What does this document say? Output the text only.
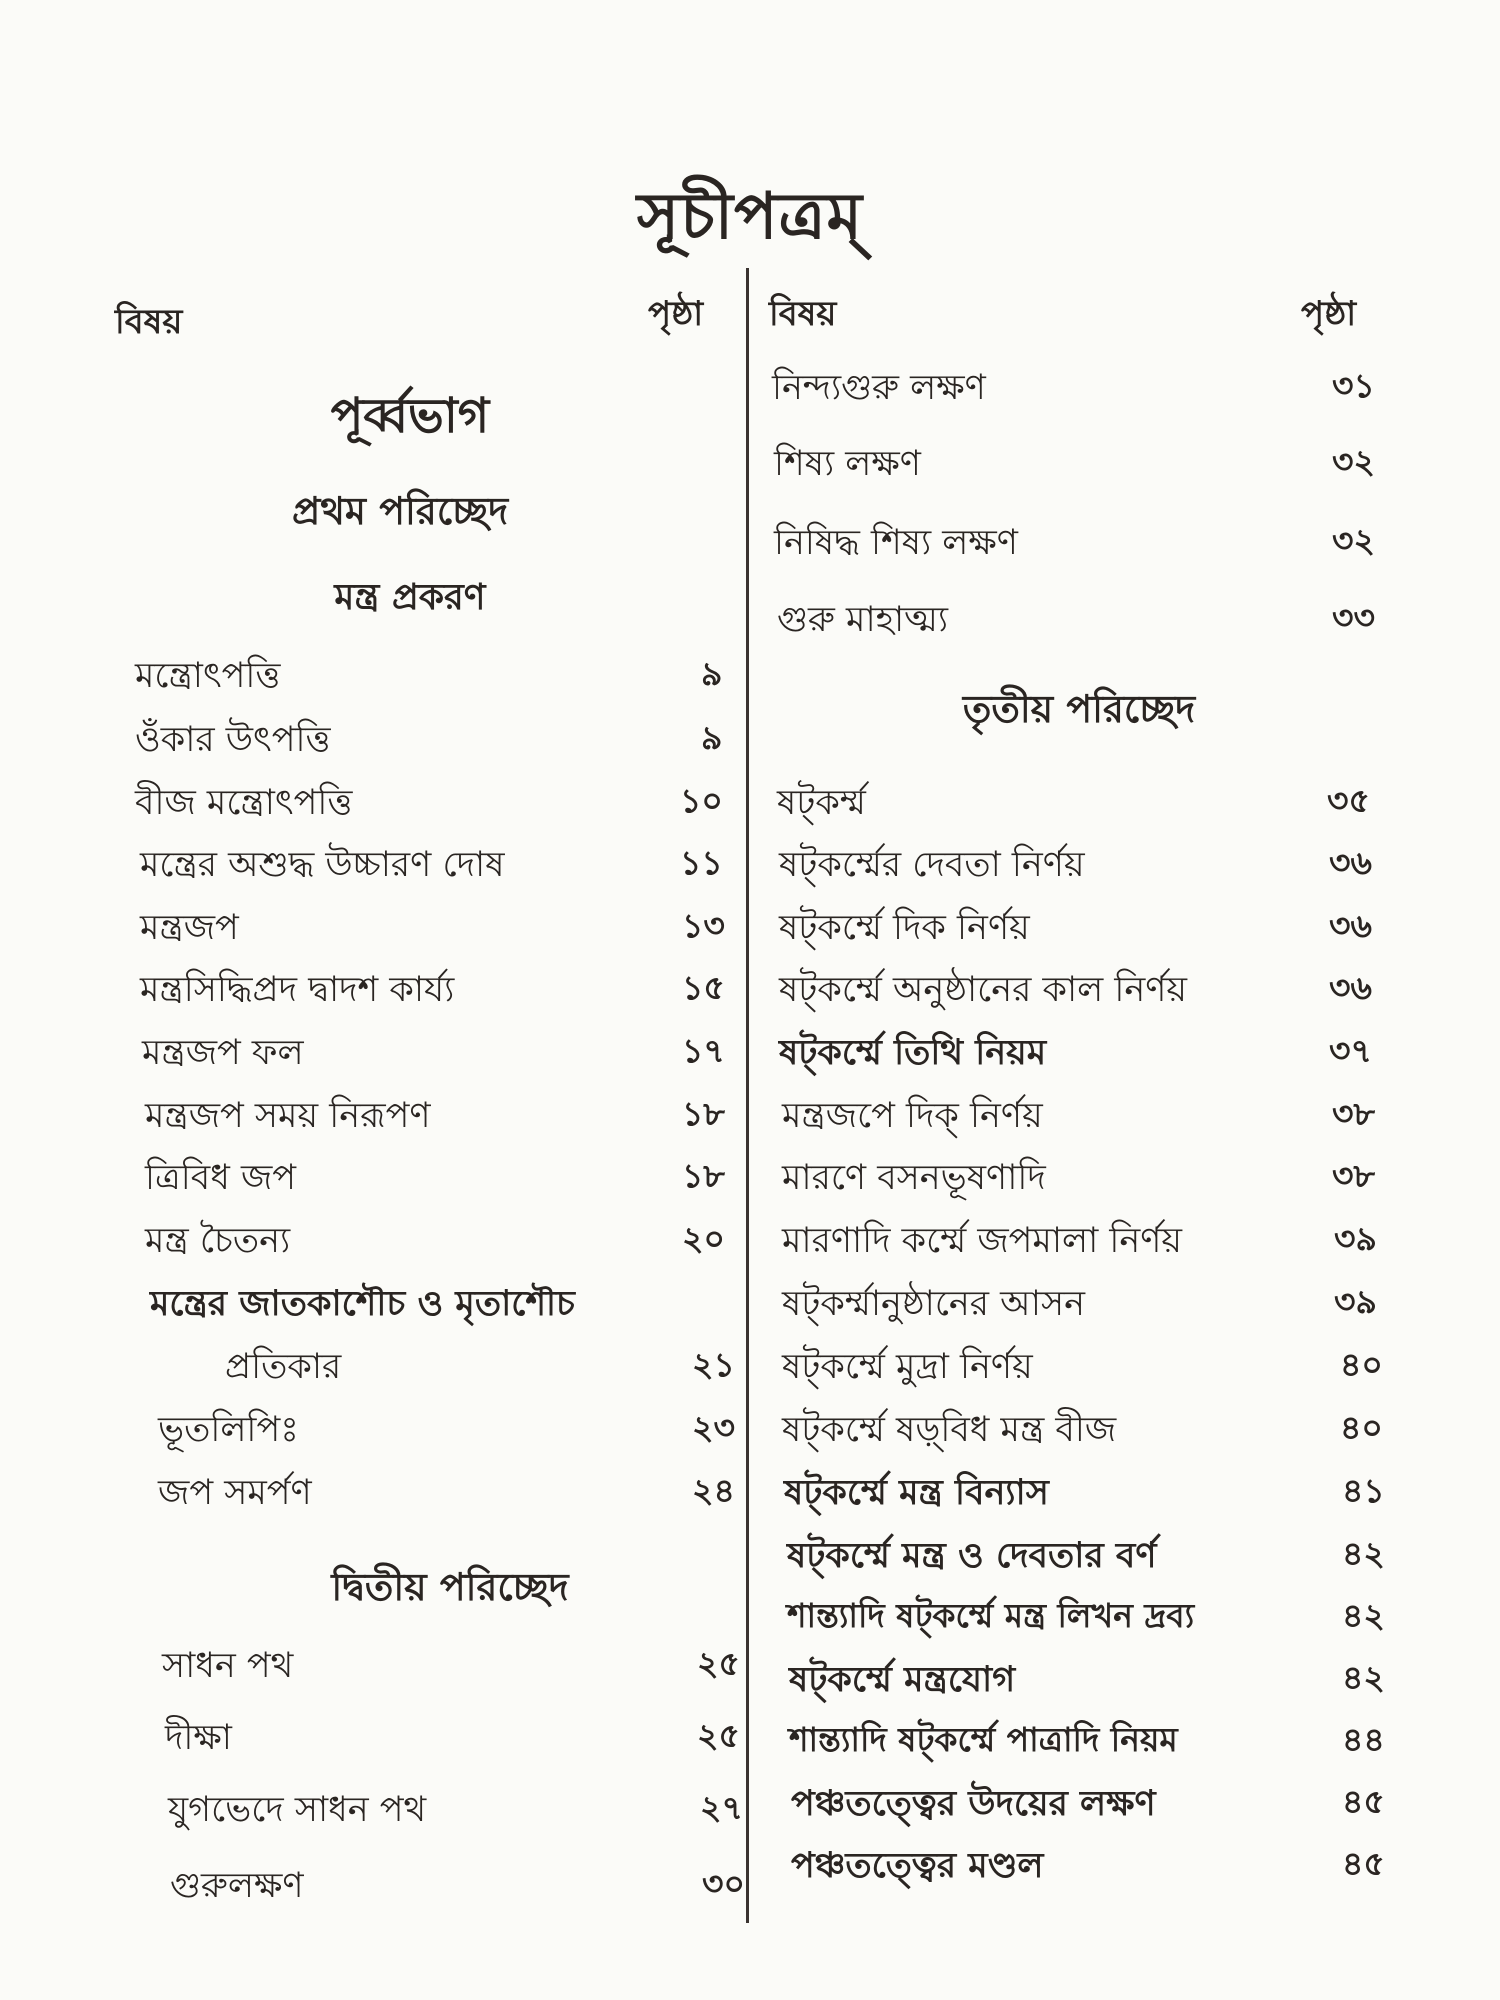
সূচীপত্রম্
বিষয়	পৃষ্ঠা
পূর্ব্বভাগ
প্রথম পরিচ্ছেদ
মন্ত্র প্রকরণ
মন্ত্রোৎপত্তি	৯
ওঁকার উৎপত্তি	৯
বীজ মন্ত্রোৎপত্তি	১০
মন্ত্রের অশুদ্ধ উচ্চারণ দোষ	১১
মন্ত্রজপ	১৩
মন্ত্রসিদ্ধিপ্রদ দ্বাদশ কার্য্য	১৫
মন্ত্রজপ ফল	১৭
মন্ত্রজপ সময় নিরূপণ	১৮
ত্রিবিধ জপ	১৮
মন্ত্র চৈতন্য	২০
মন্ত্রের জাতকাশৌচ ও মৃতাশৌচ
প্রতিকার	২১
ভূতলিপিঃ	২৩
জপ সমর্পণ	২৪
দ্বিতীয় পরিচ্ছেদ
সাধন পথ	২৫
দীক্ষা	২৫
যুগভেদে সাধন পথ	২৭
গুরুলক্ষণ	৩০
বিষয়	পৃষ্ঠা
নিন্দ্যগুরু লক্ষণ	৩১
শিষ্য লক্ষণ	৩২
নিষিদ্ধ শিষ্য লক্ষণ	৩২
গুরু মাহাত্ম্য	৩৩
তৃতীয় পরিচ্ছেদ
ষট্‌কর্ম্ম	৩৫
ষট্‌কর্ম্মের দেবতা নির্ণয়	৩৬
ষট্‌কর্ম্মে দিক নির্ণয়	৩৬
ষট্‌কর্ম্মে অনুষ্ঠানের কাল নির্ণয়	৩৬
ষট্‌কর্ম্মে তিথি নিয়ম	৩৭
মন্ত্রজপে দিক্ নির্ণয়	৩৮
মারণে বসনভূষণাদি	৩৮
মারণাদি কর্ম্মে জপমালা নির্ণয়	৩৯
ষট্‌কর্ম্মানুষ্ঠানের আসন	৩৯
ষট্‌কর্ম্মে মুদ্রা নির্ণয়	৪০
ষট্‌কর্ম্মে ষড়্‌বিধ মন্ত্র বীজ	৪০
ষট্‌কর্ম্মে মন্ত্র বিন্যাস	৪১
ষট্‌কর্ম্মে মন্ত্র ও দেবতার বর্ণ	৪২
শান্ত্যাদি ষট্‌কর্ম্মে মন্ত্র লিখন দ্রব্য	৪২
ষট্‌কর্ম্মে মন্ত্রযোগ	৪২
শান্ত্যাদি ষট্‌কর্ম্মে পাত্রাদি নিয়ম	৪৪
পঞ্চতত্ত্বের উদয়ের লক্ষণ	৪৫
পঞ্চতত্ত্বের মণ্ডল	৪৫
